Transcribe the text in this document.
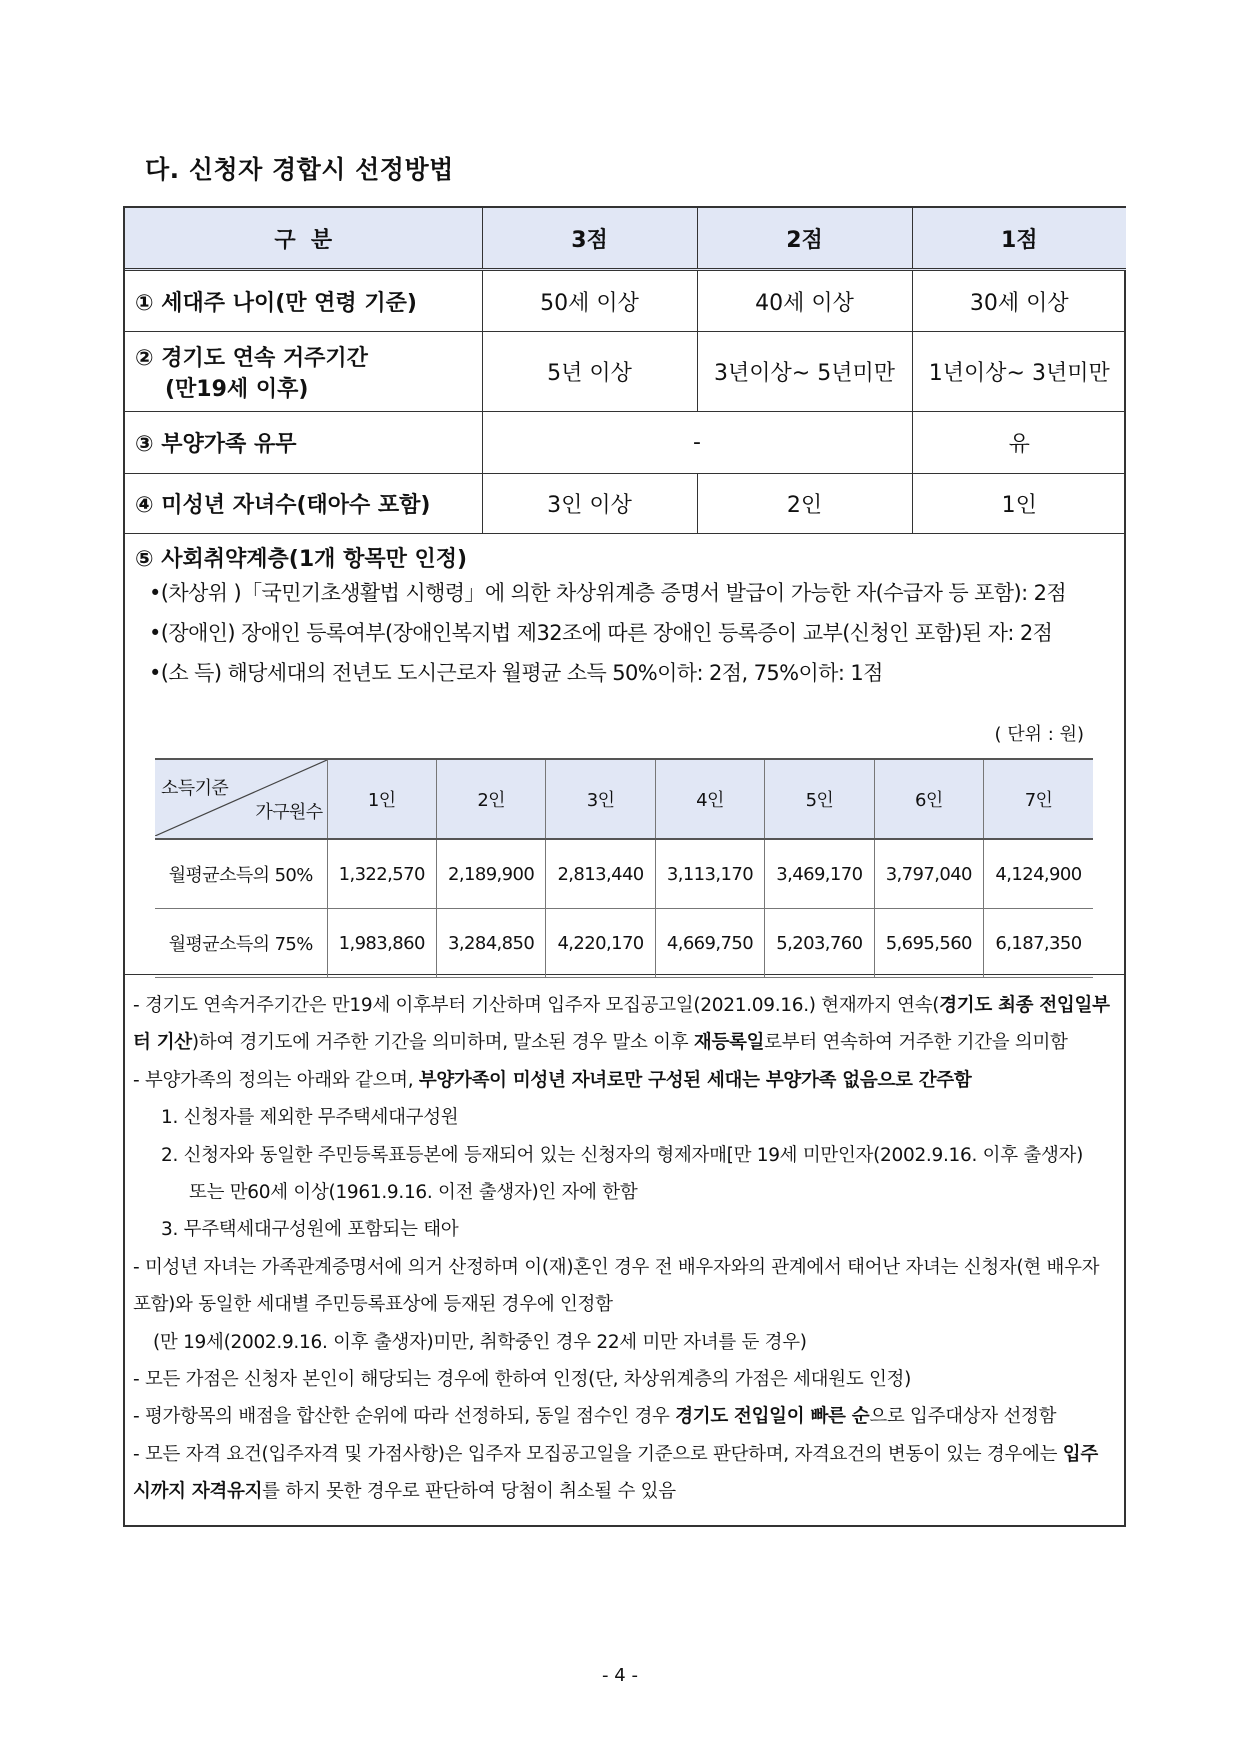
다. 신청자 경합시 선정방법
구  분	3점	2점	1점
① 세대주 나이(만 연령 기준)	50세 이상	40세 이상	30세 이상

② 경기도 연속 거주기간
(만19세 이후)	5년 이상	3년이상~ 5년미만	1년이상~ 3년미만
③ 부양가족 유무	-		유
④ 미성년 자녀수(태아수 포함)	3인 이상	2인	1인
⑤ 사회취약계층(1개 항목만 인정)
•(차상위 )「국민기초생활법 시행령」에 의한 차상위계층 증명서 발급이 가능한 자(수급자 등 포함): 2점
•(장애인) 장애인 등록여부(장애인복지법 제32조에 따른 장애인 등록증이 교부(신청인 포함)된 자: 2점
•(소 득) 해당세대의 전년도 도시근로자 월평균 소득 50%이하: 2점, 75%이하: 1점
( 단위 : 원)
소득기준
가구원수	1인	2인	3인	4인	5인	6인	7인
월평균소득의 50%	1,322,570	2,189,900	2,813,440	3,113,170	3,469,170	3,797,040	4,124,900
월평균소득의 75%	1,983,860	3,284,850	4,220,170	4,669,750	5,203,760	5,695,560	6,187,350
- 경기도 연속거주기간은 만19세 이후부터 기산하며 입주자 모집공고일(2021.09.16.) 현재까지 연속(경기도 최종 전입일부터 기산)하여 경기도에 거주한 기간을 의미하며, 말소된 경우 말소 이후 재등록일로부터 연속하여 거주한 기간을 의미함
- 부양가족의 정의는 아래와 같으며, 부양가족이 미성년 자녀로만 구성된 세대는 부양가족 없음으로 간주함
1. 신청자를 제외한 무주택세대구성원
2. 신청자와 동일한 주민등록표등본에 등재되어 있는 신청자의 형제자매[만 19세 미만인자(2002.9.16. 이후 출생자)
또는 만60세 이상(1961.9.16. 이전 출생자)인 자에 한함
3. 무주택세대구성원에 포함되는 태아
- 미성년 자녀는 가족관계증명서에 의거 산정하며 이(재)혼인 경우 전 배우자와의 관계에서 태어난 자녀는 신청자(현 배우자 포함)와 동일한 세대별 주민등록표상에 등재된 경우에 인정함
(만 19세(2002.9.16. 이후 출생자)미만, 취학중인 경우 22세 미만 자녀를 둔 경우)
- 모든 가점은 신청자 본인이 해당되는 경우에 한하여 인정(단, 차상위계층의 가점은 세대원도 인정)
- 평가항목의 배점을 합산한 순위에 따라 선정하되, 동일 점수인 경우 경기도 전입일이 빠른 순으로 입주대상자 선정함
- 모든 자격 요건(입주자격 및 가점사항)은 입주자 모집공고일을 기준으로 판단하며, 자격요건의 변동이 있는 경우에는 입주시까지 자격유지를 하지 못한 경우로 판단하여 당첨이 취소될 수 있음
- 4 -
